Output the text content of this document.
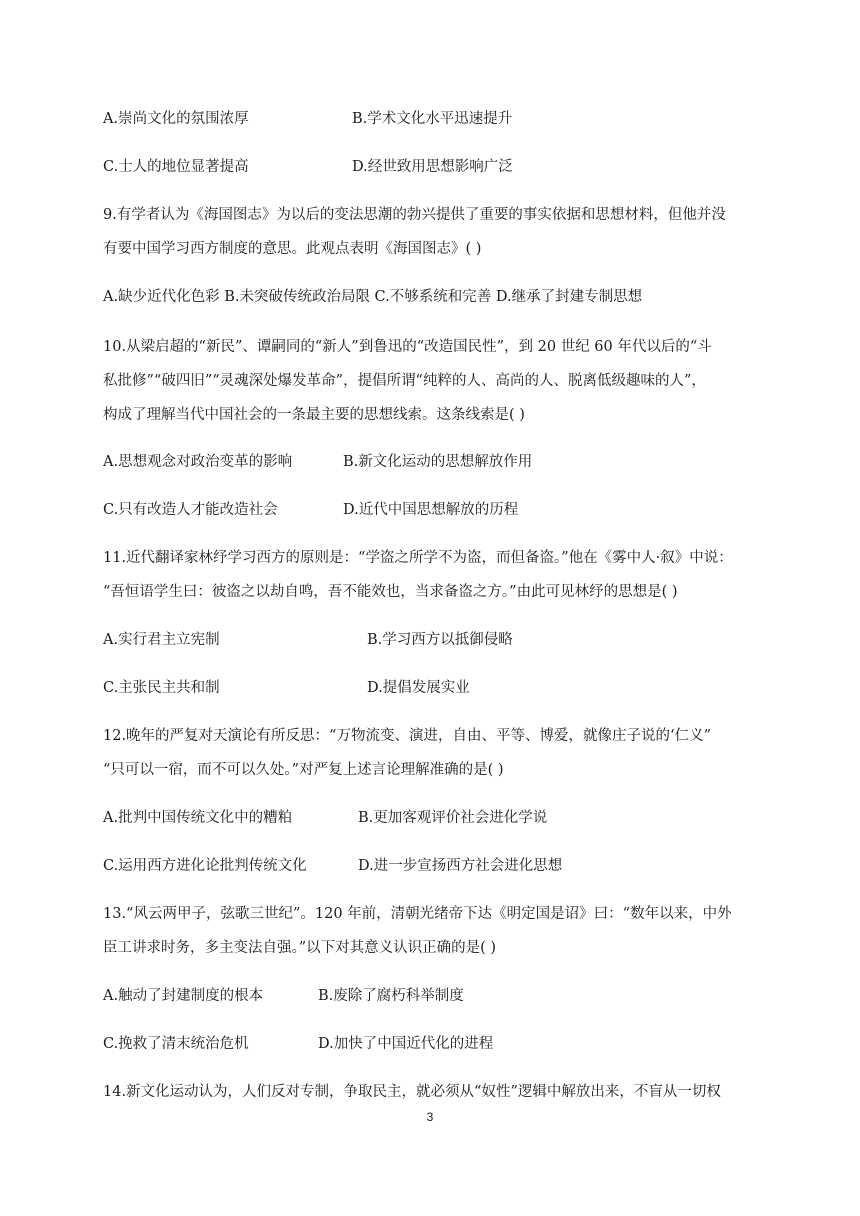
A.崇尚文化的氛围浓厚	B.学术文化水平迅速提升
C.士人的地位显著提高	D.经世致用思想影响广泛
9.有学者认为《海国图志》为以后的变法思潮的勃兴提供了重要的事实依据和思想材料，但他并没
有要中国学习西方制度的意思。此观点表明《海国图志》( )
A.缺少近代化色彩 B.未突破传统政治局限 C.不够系统和完善 D.继承了封建专制思想
10.从梁启超的“新民”、谭嗣同的“新人”到鲁迅的“改造国民性”，到 20 世纪 60 年代以后的“斗
私批修”“破四旧”“灵魂深处爆发革命”，提倡所谓“纯粹的人、高尚的人、脱离低级趣味的人”，
构成了理解当代中国社会的一条最主要的思想线索。这条线索是( )
A.思想观念对政治变革的影响	B.新文化运动的思想解放作用
C.只有改造人才能改造社会	D.近代中国思想解放的历程
11.近代翻译家林纾学习西方的原则是：“学盗之所学不为盗，而但备盗。”他在《雾中人·叙》中说：
“吾恒语学生曰：彼盗之以劫自鸣，吾不能效也，当求备盗之方。”由此可见林纾的思想是( )
A.实行君主立宪制	B.学习西方以抵御侵略
C.主张民主共和制	D.提倡发展实业
12.晚年的严复对天演论有所反思：“万物流变、演进，自由、平等、博爱，就像庄子说的‘仁义”
“只可以一宿，而不可以久处。”对严复上述言论理解准确的是( )
A.批判中国传统文化中的糟粕	B.更加客观评价社会进化学说
C.运用西方进化论批判传统文化	D.进一步宣扬西方社会进化思想
13.“风云两甲子，弦歌三世纪”。120 年前，清朝光绪帝下达《明定国是诏》曰：“数年以来，中外
臣工讲求时务，多主变法自强。”以下对其意义认识正确的是( )
A.触动了封建制度的根本	B.废除了腐朽科举制度
C.挽救了清末统治危机	D.加快了中国近代化的进程
14.新文化运动认为，人们反对专制，争取民主，就必须从“奴性”逻辑中解放出来，不盲从一切权
3
